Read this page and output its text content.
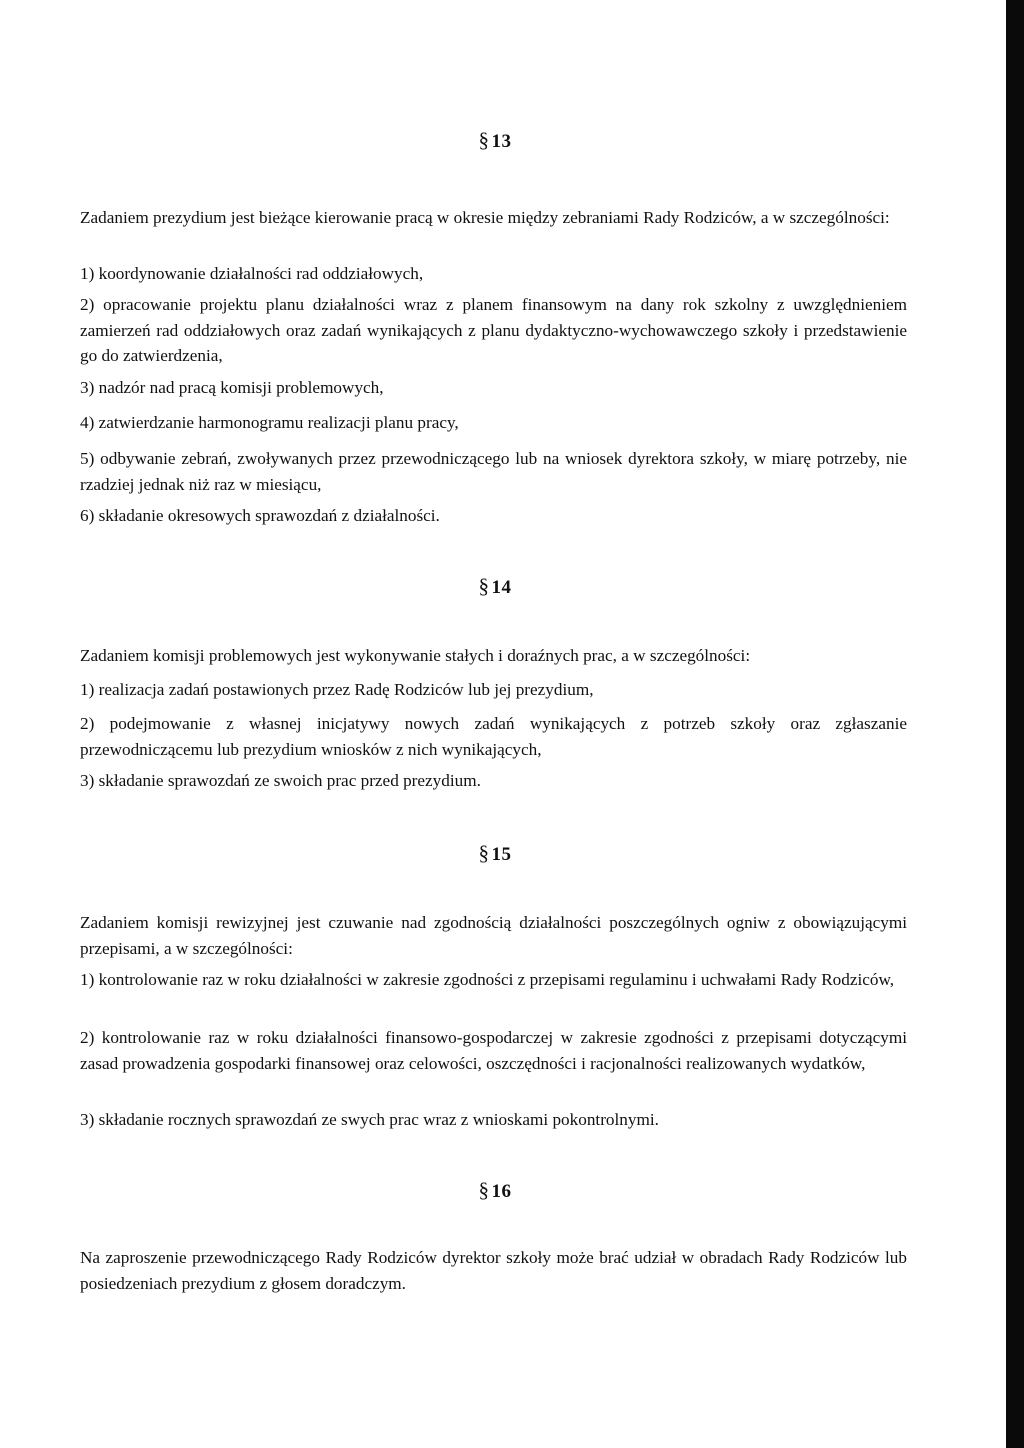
§ 13

Zadaniem prezydium jest bieżące kierowanie pracą w okresie między zebraniami Rady Rodziców, a w szczególności:

1) koordynowanie działalności rad oddziałowych,

2) opracowanie projektu planu działalności wraz z planem finansowym na dany rok szkolny z uwzględnieniem zamierzeń rad oddziałowych oraz zadań wynikających z planu dydaktyczno-wychowawczego szkoły i przedstawienie go do zatwierdzenia,

3) nadzór nad pracą komisji problemowych,

4) zatwierdzanie harmonogramu realizacji planu pracy,

5) odbywanie zebrań, zwoływanych przez przewodniczącego lub na wniosek dyrektora szkoły, w miarę potrzeby, nie rzadziej jednak niż raz w miesiącu,

6) składanie okresowych sprawozdań z działalności.

§ 14

Zadaniem komisji problemowych jest wykonywanie stałych i doraźnych prac, a w szczególności:

1) realizacja zadań postawionych przez Radę Rodziców lub jej prezydium,

2) podejmowanie z własnej inicjatywy nowych zadań wynikających z potrzeb szkoły oraz zgłaszanie przewodniczącemu lub prezydium wniosków z nich wynikających,

3) składanie sprawozdań ze swoich prac przed prezydium.

§ 15

Zadaniem komisji rewizyjnej jest czuwanie nad zgodnością działalności poszczególnych ogniw z obowiązującymi przepisami, a w szczególności:

1) kontrolowanie raz w roku działalności w zakresie zgodności z przepisami regulaminu i uchwałami Rady Rodziców,

2) kontrolowanie raz w roku działalności finansowo-gospodarczej w zakresie zgodności z przepisami dotyczącymi zasad prowadzenia gospodarki finansowej oraz celowości, oszczędności i racjonalności realizowanych wydatków,

3) składanie rocznych sprawozdań ze swych prac wraz z wnioskami pokontrolnymi.

§ 16

Na zaproszenie przewodniczącego Rady Rodziców dyrektor szkoły może brać udział w obradach Rady Rodziców lub posiedzeniach prezydium z głosem doradczym.
